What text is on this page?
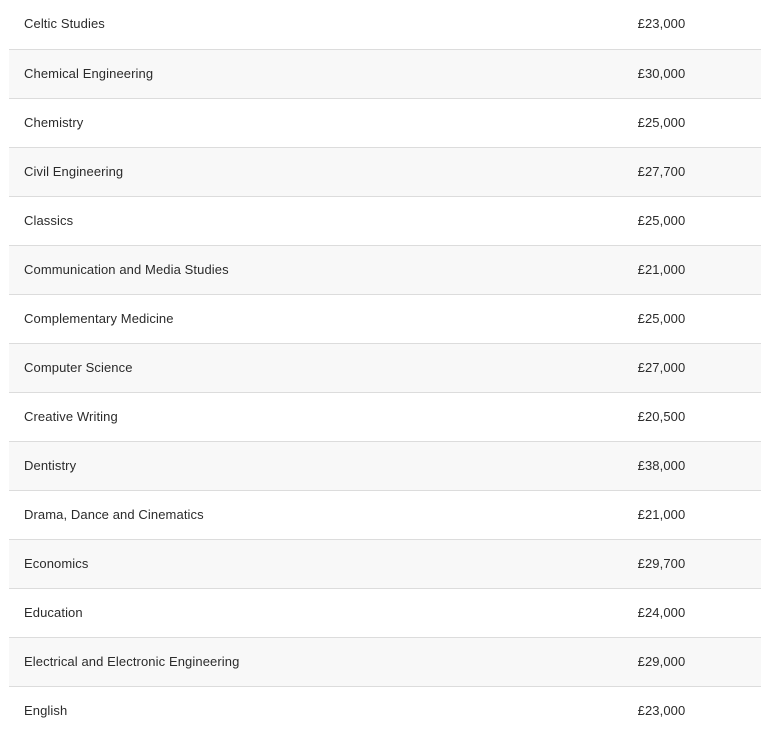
Celtic Studies	£23,000
Chemical Engineering	£30,000
Chemistry	£25,000
Civil Engineering	£27,700
Classics	£25,000
Communication and Media Studies	£21,000
Complementary Medicine	£25,000
Computer Science	£27,000
Creative Writing	£20,500
Dentistry	£38,000
Drama, Dance and Cinematics	£21,000
Economics	£29,700
Education	£24,000
Electrical and Electronic Engineering	£29,000
English	£23,000
